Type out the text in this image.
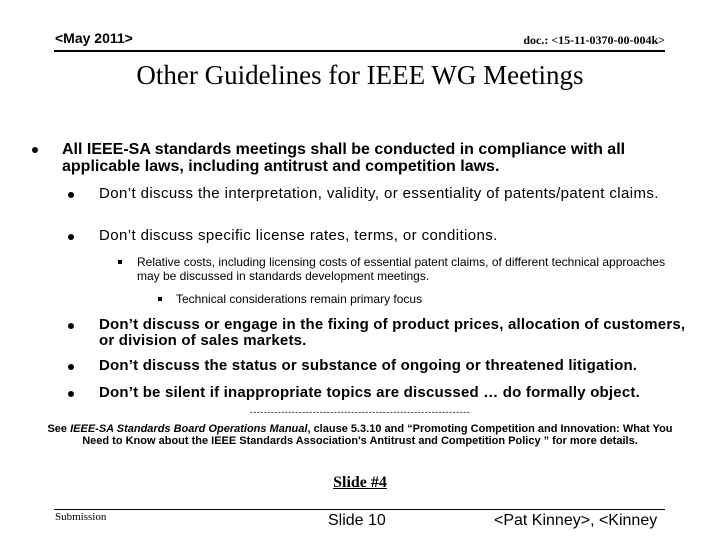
<May 2011>	doc.: <15-11-0370-00-004k>
Other Guidelines for IEEE WG Meetings
All IEEE-SA standards meetings shall be conducted in compliance with all applicable laws, including antitrust and competition laws.
Don’t discuss the interpretation, validity, or essentiality of patents/patent claims.
Don’t discuss specific license rates, terms, or conditions.
Relative costs, including licensing costs of essential patent claims, of different technical approaches may be discussed in standards development meetings.
Technical considerations remain primary focus
Don’t discuss or engage in the fixing of product prices, allocation of customers, or division of sales markets.
Don’t discuss the status or substance of ongoing or threatened litigation.
Don’t be silent if inappropriate topics are discussed … do formally object.
---------------------------------------------------------------
See IEEE-SA Standards Board Operations Manual, clause 5.3.10 and “Promoting Competition and Innovation: What You Need to Know about the IEEE Standards Association's Antitrust and Competition Policy ” for more details.
Slide #4
Submission	Slide 10	<Pat Kinney>, <Kinney
